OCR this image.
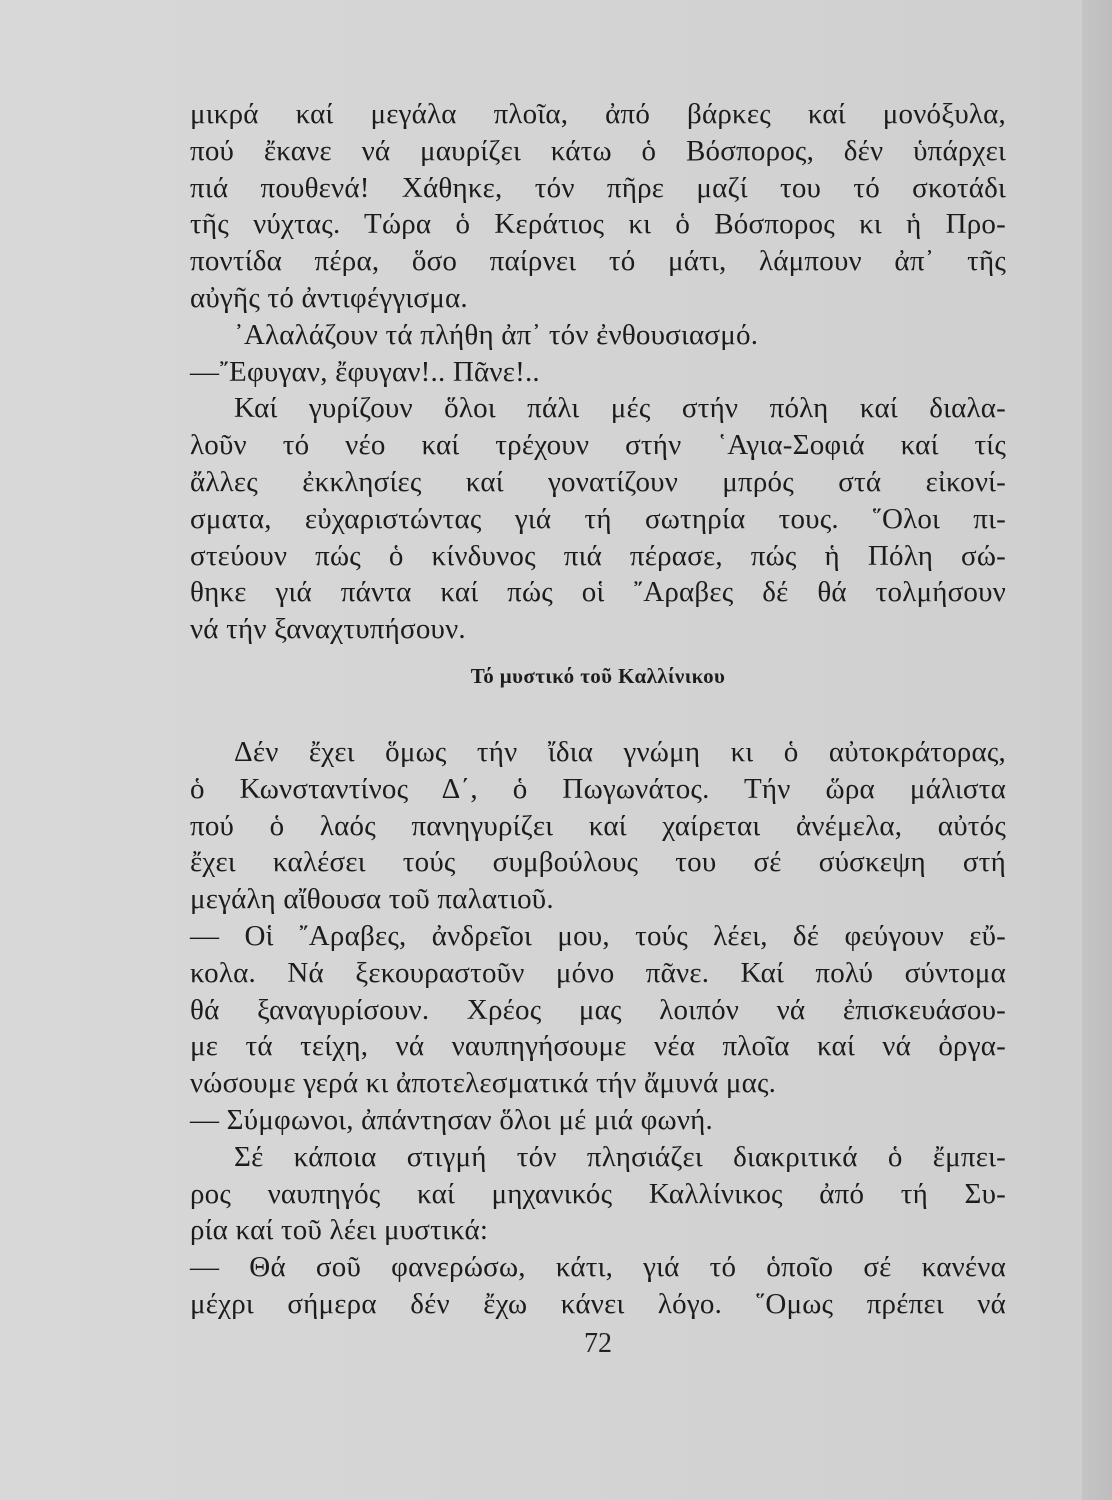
μικρά καί μεγάλα πλοῖα, ἀπό βάρκες καί μονόξυλα,
πού ἔκανε νά μαυρίζει κάτω ὁ Βόσπορος, δέν ὑπάρχει
πιά πουθενά! Χάθηκε, τόν πῆρε μαζί του τό σκοτάδι
τῆς νύχτας. Τώρα ὁ Κεράτιος κι ὁ Βόσπορος κι ἡ Προ-
ποντίδα πέρα, ὅσο παίρνει τό μάτι, λάμπουν ἀπ᾽ τῆς
αὐγῆς τό ἀντιφέγγισμα.
᾿Αλαλάζουν τά πλήθη ἀπ᾽ τόν ἐνθουσιασμό.
—῎Εφυγαν, ἔφυγαν!.. Πᾶνε!..
Καί γυρίζουν ὅλοι πάλι μές στήν πόλη καί διαλα-
λοῦν τό νέο καί τρέχουν στήν ῾Αγια-Σοφιά καί τίς
ἄλλες ἐκκλησίες καί γονατίζουν μπρός στά εἰκονί-
σματα, εὐχαριστώντας γιά τή σωτηρία τους. ῞Ολοι πι-
στεύουν πώς ὁ κίνδυνος πιά πέρασε, πώς ἡ Πόλη σώ-
θηκε γιά πάντα καί πώς οἱ ῎Αραβες δέ θά τολμήσουν
νά τήν ξαναχτυπήσουν.
Τό μυστικό τοῦ Καλλίνικου
Δέν ἔχει ὅμως τήν ἴδια γνώμη κι ὁ αὐτοκράτορας,
ὁ Κωνσταντίνος Δ΄, ὁ Πωγωνάτος. Τήν ὥρα μάλιστα
πού ὁ λαός πανηγυρίζει καί χαίρεται ἀνέμελα, αὐτός
ἔχει καλέσει τούς συμβούλους του σέ σύσκεψη στή
μεγάλη αἴθουσα τοῦ παλατιοῦ.
— Οἱ ῎Αραβες, ἀνδρεῖοι μου, τούς λέει, δέ φεύγουν εὔ-
κολα. Νά ξεκουραστοῦν μόνο πᾶνε. Καί πολύ σύντομα
θά ξαναγυρίσουν. Χρέος μας λοιπόν νά ἐπισκευάσου-
με τά τείχη, νά ναυπηγήσουμε νέα πλοῖα καί νά ὀργα-
νώσουμε γερά κι ἀποτελεσματικά τήν ἄμυνά μας.
— Σύμφωνοι, ἀπάντησαν ὅλοι μέ μιά φωνή.
Σέ κάποια στιγμή τόν πλησιάζει διακριτικά ὁ ἔμπει-
ρος ναυπηγός καί μηχανικός Καλλίνικος ἀπό τή Συ-
ρία καί τοῦ λέει μυστικά:
— Θά σοῦ φανερώσω, κάτι, γιά τό ὁποῖο σέ κανένα
μέχρι σήμερα δέν ἔχω κάνει λόγο. ῞Ομως πρέπει νά
72
